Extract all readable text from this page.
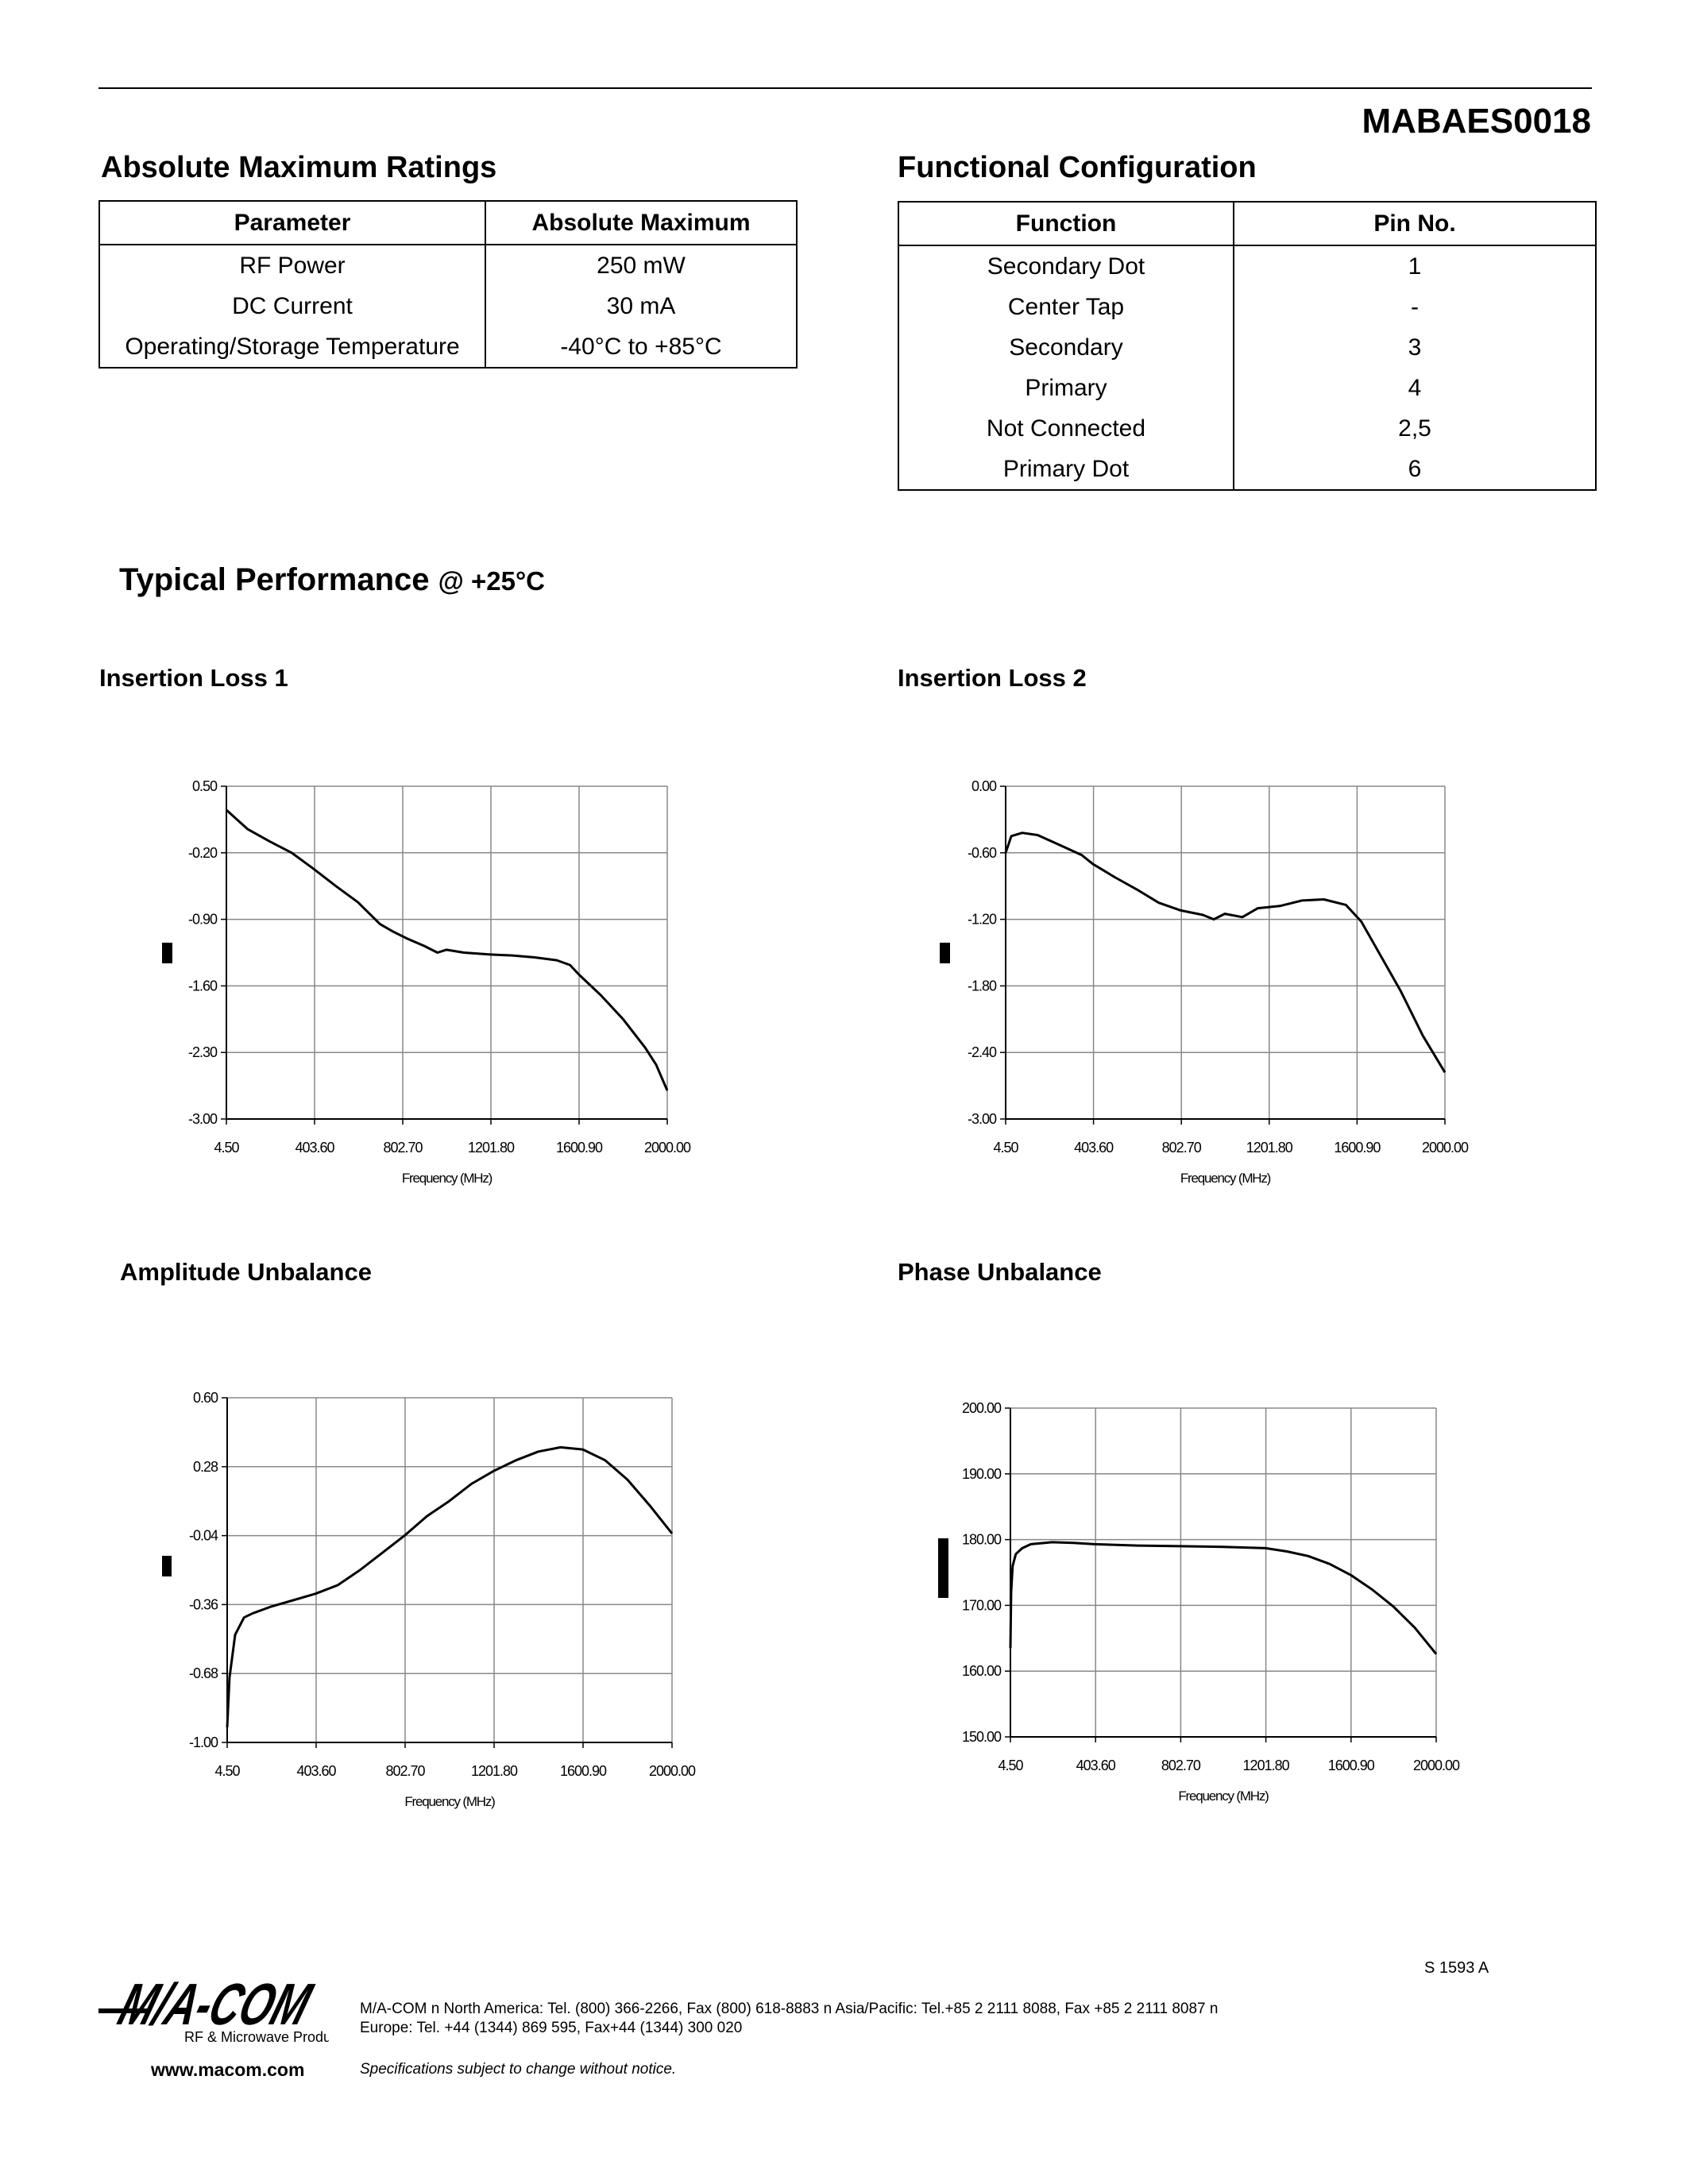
MABAES0018
Absolute Maximum Ratings
Parameter	Absolute Maximum
RF Power	250 mW
DC Current	30 mA
Operating/Storage Temperature	-40°C to +85°C
Functional Configuration
Function	Pin No.
Secondary Dot	1
Center Tap	-
Secondary	3
Primary	4
Not Connected	2,5
Primary Dot	6
Typical Performance @ +25°C
Insertion Loss 1	Insertion Loss 2
Amplitude Unbalance	Phase Unbalance
0.50
-0.20
-0.90
-1.60
-2.30
-3.00
4.50	403.60	802.70	1201.80	1600.90	2000.00
Frequency (MHz)
0.00
-0.60
-1.20
-1.80
-2.40
-3.00
4.50	403.60	802.70	1201.80	1600.90	2000.00
Frequency (MHz)
0.60
0.28
-0.04
-0.36
-0.68
-1.00
4.50	403.60	802.70	1201.80	1600.90	2000.00
Frequency (MHz)
200.00
190.00
180.00
170.00
160.00
150.00
4.50	403.60	802.70	1201.80	1600.90	2000.00
Frequency (MHz)
S 1593 A
M/A-COM
RF & Microwave Produ
M/A-COM n North America: Tel. (800) 366-2266, Fax (800) 618-8883 n Asia/Pacific: Tel.+85 2 2111 8088, Fax +85 2 2111 8087 n
Europe: Tel. +44 (1344) 869 595, Fax+44 (1344) 300 020
www.macom.com	Specifications subject to change without notice.
